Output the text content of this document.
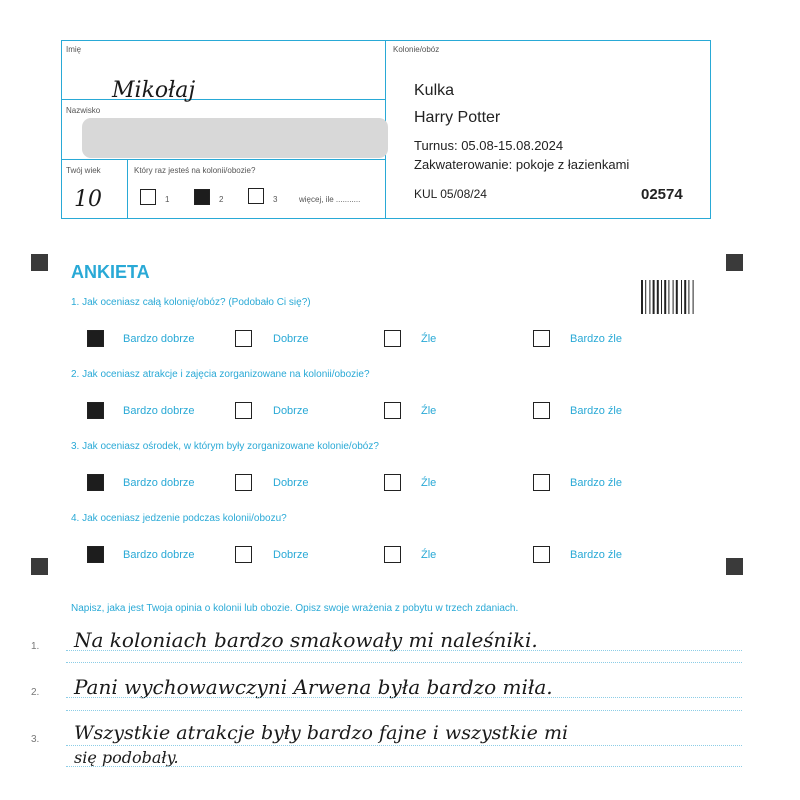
Imię
Mikołaj
Nazwisko
Twój wiek
10
Który raz jesteś na kolonii/obozie?
1	2	3	więcej, ile ...........
Kolonie/obóz
Kulka
Harry Potter
Turnus: 05.08-15.08.2024
Zakwaterowanie: pokoje z łazienkami
KUL 05/08/24	02574
ANKIETA
1. Jak oceniasz całą kolonię/obóz? (Podobało Ci się?)
Bardzo dobrze	Dobrze	Źle	Bardzo źle
2. Jak oceniasz atrakcje i zajęcia zorganizowane na kolonii/obozie?
Bardzo dobrze	Dobrze	Źle	Bardzo źle
3. Jak oceniasz ośrodek, w którym były zorganizowane kolonie/obóz?
Bardzo dobrze	Dobrze	Źle	Bardzo źle
4. Jak oceniasz jedzenie podczas kolonii/obozu?
Bardzo dobrze	Dobrze	Źle	Bardzo źle
Napisz, jaka jest Twoja opinia o kolonii lub obozie. Opisz swoje wrażenia z pobytu w trzech zdaniach.
1. Na koloniach bardzo smakowały mi naleśniki.
2. Pani wychowawczyni Arwena była bardzo miła.
3. Wszystkie atrakcje były bardzo fajne i wszystkie mi
się podobały.
